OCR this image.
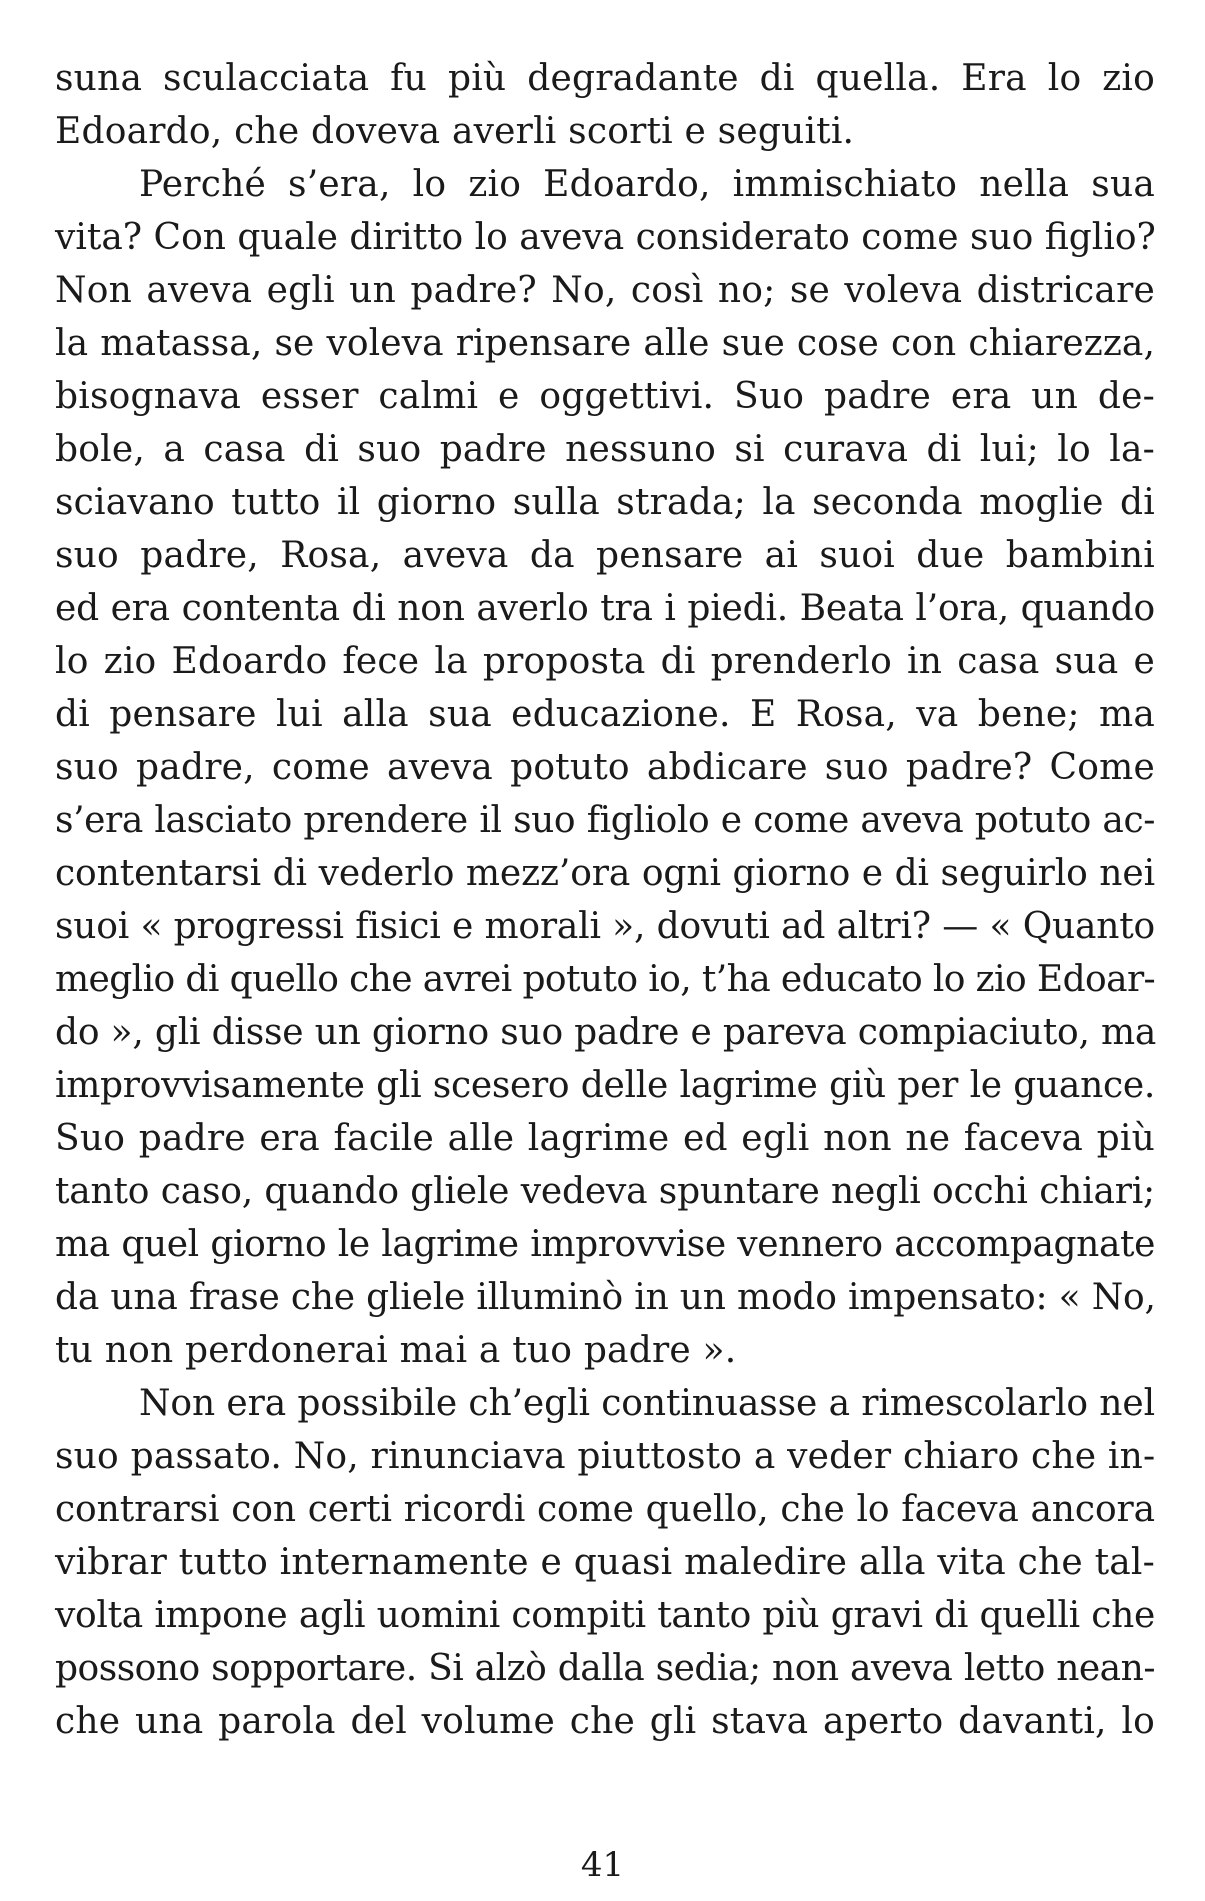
suna sculacciata fu più degradante di quella. Era lo zio
Edoardo, che doveva averli scorti e seguiti.
Perché s’era, lo zio Edoardo, immischiato nella sua
vita? Con quale diritto lo aveva considerato come suo figlio?
Non aveva egli un padre? No, così no; se voleva districare
la matassa, se voleva ripensare alle sue cose con chiarezza,
bisognava esser calmi e oggettivi. Suo padre era un de-
bole, a casa di suo padre nessuno si curava di lui; lo la-
sciavano tutto il giorno sulla strada; la seconda moglie di
suo padre, Rosa, aveva da pensare ai suoi due bambini
ed era contenta di non averlo tra i piedi. Beata l’ora, quando
lo zio Edoardo fece la proposta di prenderlo in casa sua e
di pensare lui alla sua educazione. E Rosa, va bene; ma
suo padre, come aveva potuto abdicare suo padre? Come
s’era lasciato prendere il suo figliolo e come aveva potuto ac-
contentarsi di vederlo mezz’ora ogni giorno e di seguirlo nei
suoi « progressi fisici e morali », dovuti ad altri? — « Quanto
meglio di quello che avrei potuto io, t’ha educato lo zio Edoar-
do », gli disse un giorno suo padre e pareva compiaciuto, ma
improvvisamente gli scesero delle lagrime giù per le guance.
Suo padre era facile alle lagrime ed egli non ne faceva più
tanto caso, quando gliele vedeva spuntare negli occhi chiari;
ma quel giorno le lagrime improvvise vennero accompagnate
da una frase che gliele illuminò in un modo impensato: « No,
tu non perdonerai mai a tuo padre ».
Non era possibile ch’egli continuasse a rimescolarlo nel
suo passato. No, rinunciava piuttosto a veder chiaro che in-
contrarsi con certi ricordi come quello, che lo faceva ancora
vibrar tutto internamente e quasi maledire alla vita che tal-
volta impone agli uomini compiti tanto più gravi di quelli che
possono sopportare. Si alzò dalla sedia; non aveva letto nean-
che una parola del volume che gli stava aperto davanti, lo
41
